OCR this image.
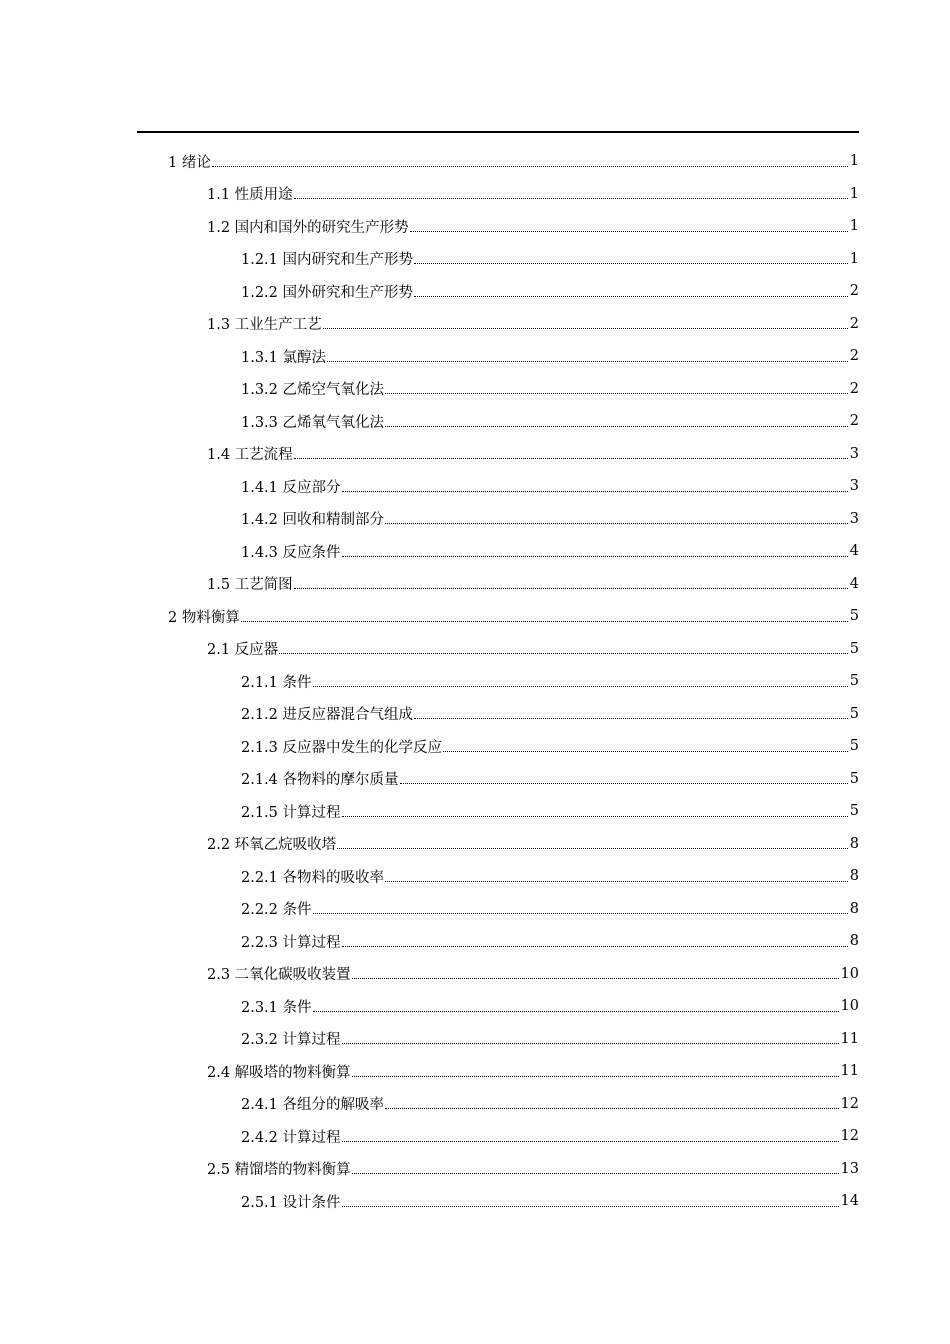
1 绪论	1
1.1 性质用途	1
1.2 国内和国外的研究生产形势	1
1.2.1 国内研究和生产形势	1
1.2.2 国外研究和生产形势	2
1.3 工业生产工艺	2
1.3.1 氯醇法	2
1.3.2 乙烯空气氧化法	2
1.3.3 乙烯氧气氧化法	2
1.4 工艺流程	3
1.4.1 反应部分	3
1.4.2 回收和精制部分	3
1.4.3 反应条件	4
1.5 工艺简图	4
2 物料衡算	5
2.1 反应器	5
2.1.1 条件	5
2.1.2 进反应器混合气组成	5
2.1.3 反应器中发生的化学反应	5
2.1.4 各物料的摩尔质量	5
2.1.5 计算过程	5
2.2 环氧乙烷吸收塔	8
2.2.1 各物料的吸收率	8
2.2.2 条件	8
2.2.3 计算过程	8
2.3 二氧化碳吸收装置	10
2.3.1 条件	10
2.3.2 计算过程	11
2.4 解吸塔的物料衡算	11
2.4.1 各组分的解吸率	12
2.4.2 计算过程	12
2.5 精馏塔的物料衡算	13
2.5.1 设计条件	14
